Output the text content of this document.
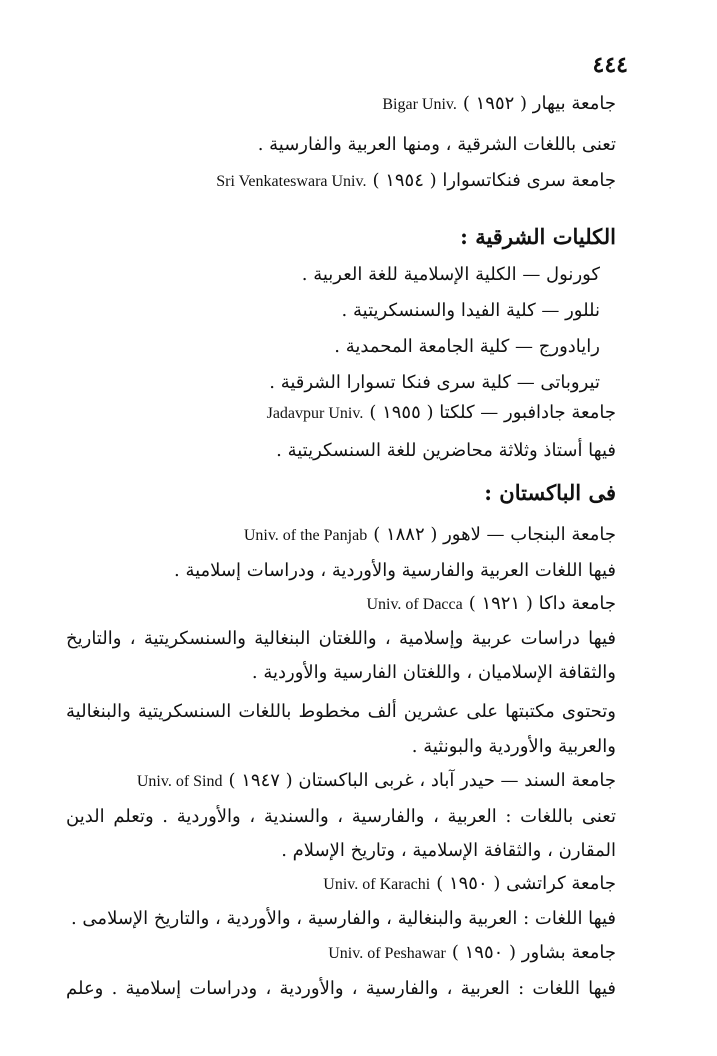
٤٤٤
جامعة بيهار ( ١٩٥٢ )Bigar Univ.
تعنى باللغات الشرقية ، ومنها العربية والفارسية .
جامعة سرى فنكاتسوارا ( ١٩٥٤ )Sri Venkateswara Univ.
الكليات الشرقية :
كورنول — الكلية الإسلامية للغة العربية .
نللور — كلية الفيدا والسنسكريتية .
رايادورج — كلية الجامعة المحمدية .
تيروباتى — كلية سرى فنكا تسوارا الشرقية .
جامعة جادافبور — كلكتا ( ١٩٥٥ )Jadavpur Univ.
فيها أستاذ وثلاثة محاضرين للغة السنسكريتية .
فى الباكستان :
جامعة البنجاب — لاهور ( ١٨٨٢ )Univ. of the Panjab
فيها اللغات العربية والفارسية والأوردية ، ودراسات إسلامية .
جامعة داكا ( ١٩٢١ )Univ. of Dacca
فيها دراسات عربية وإسلامية ، واللغتان البنغالية والسنسكريتية ، والتاريخ
والثقافة الإسلاميان ، واللغتان الفارسية والأوردية .
وتحتوى مكتبتها على عشرين ألف مخطوط باللغات السنسكريتية والبنغالية
والعربية والأوردية والبونثية .
جامعة السند — حيدر آباد ، غربى الباكستان ( ١٩٤٧ )Univ. of Sind
تعنى باللغات : العربية ، والفارسية ، والسندية ، والأوردية . وتعلم الدين
المقارن ، والثقافة الإسلامية ، وتاريخ الإسلام .
جامعة كراتشى ( ١٩٥٠ )Univ. of Karachi
فيها اللغات : العربية والبنغالية ، والفارسية ، والأوردية ، والتاريخ الإسلامى .
جامعة بشاور ( ١٩٥٠ )Univ. of Peshawar
فيها اللغات : العربية ، والفارسية ، والأوردية ، ودراسات إسلامية . وعلم
